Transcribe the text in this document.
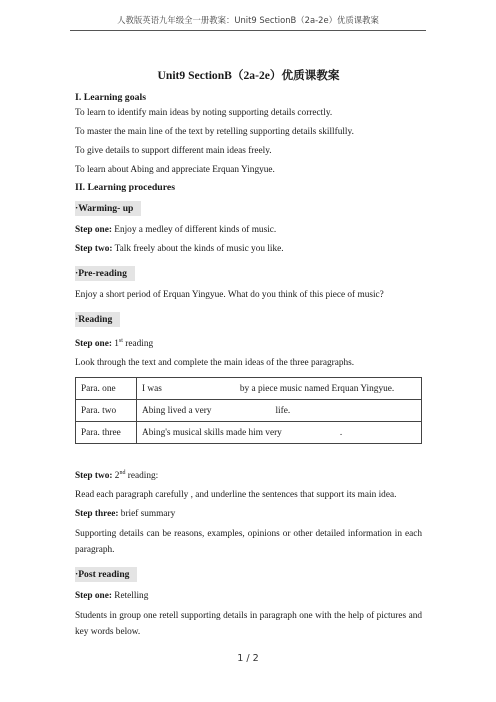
人教版英语九年级全一册教案：Unit9 SectionB（2a-2e）优质课教案
Unit9 SectionB（2a-2e）优质课教案
I. Learning goals

To learn to identify main ideas by noting supporting details correctly.

To master the main line of the text by retelling supporting details skillfully.

To give details to support different main ideas freely.

To learn about Abing and appreciate Erquan Yingyue.

II. Learning procedures
·Warming- up

Step one: Enjoy a medley of different kinds of music.

Step two: Talk freely about the kinds of music you like.

·Pre-reading

Enjoy a short period of Erquan Yingyue. What do you think of this piece of music?

·Reading

Step one: 1st reading

Look through the text and complete the main ideas of the three paragraphs.

Para. one	I was by a piece music named Erquan Yingyue.
Para. two	Abing lived a very life.
Para. three	Abing's musical skills made him very .

Step two: 2nd reading:

Read each paragraph carefully , and underline the sentences that support its main idea.

Step three: brief summary

Supporting details can be reasons, examples, opinions or other detailed information in each paragraph.

·Post reading

Step one: Retelling

Students in group one retell supporting details in paragraph one with the help of pictures and key words below.

1 / 2
